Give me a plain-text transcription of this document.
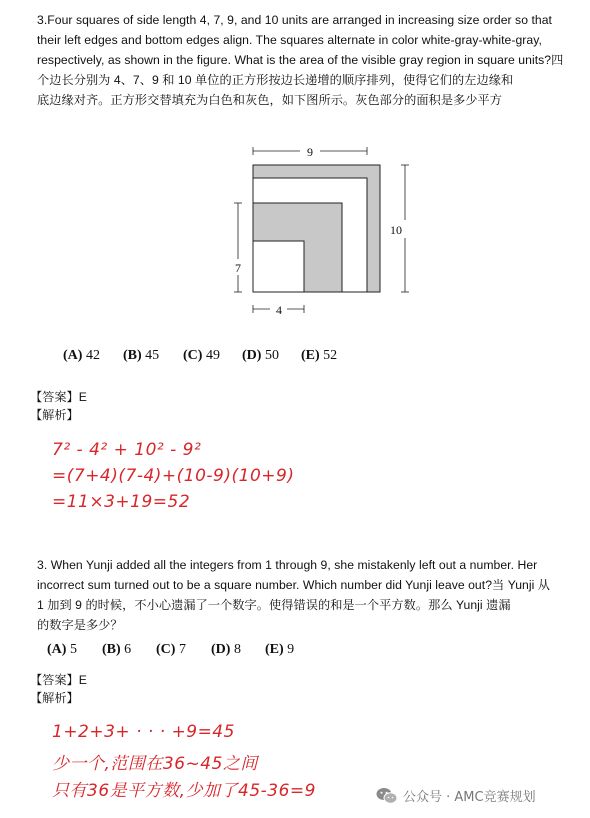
3.Four squares of side length 4, 7, 9, and 10 units are arranged in increasing size order so that
their left edges and bottom edges align. The squares alternate in color white-gray-white-gray,
respectively, as shown in the figure. What is the area of the visible gray region in square units?四
个边长分别为 4、7、9 和 10 单位的正方形按边长递增的顺序排列，使得它们的左边缘和
底边缘对齐。正方形交替填充为白色和灰色，如下图所示。灰色部分的面积是多少平方
9
10
7
4
(A) 42 (B) 45 (C) 49 (D) 50 (E) 52
【答案】E
【解析】
7² - 4² + 10² - 9²
=(7+4)(7-4)+(10-9)(10+9)
=11×3+19=52
3. When Yunji added all the integers from 1 through 9, she mistakenly left out a number. Her
incorrect sum turned out to be a square number. Which number did Yunji leave out?当 Yunji 从
1 加到 9 的时候，不小心遗漏了一个数字。使得错误的和是一个平方数。那么 Yunji 遗漏
的数字是多少？
(A) 5 (B) 6 (C) 7 (D) 8 (E) 9
【答案】E
【解析】
1+2+3+ · · · +9=45
少一个,范围在36~45之间
只有36是平方数,少加了45-36=9	公众号 · AMC竞赛规划
